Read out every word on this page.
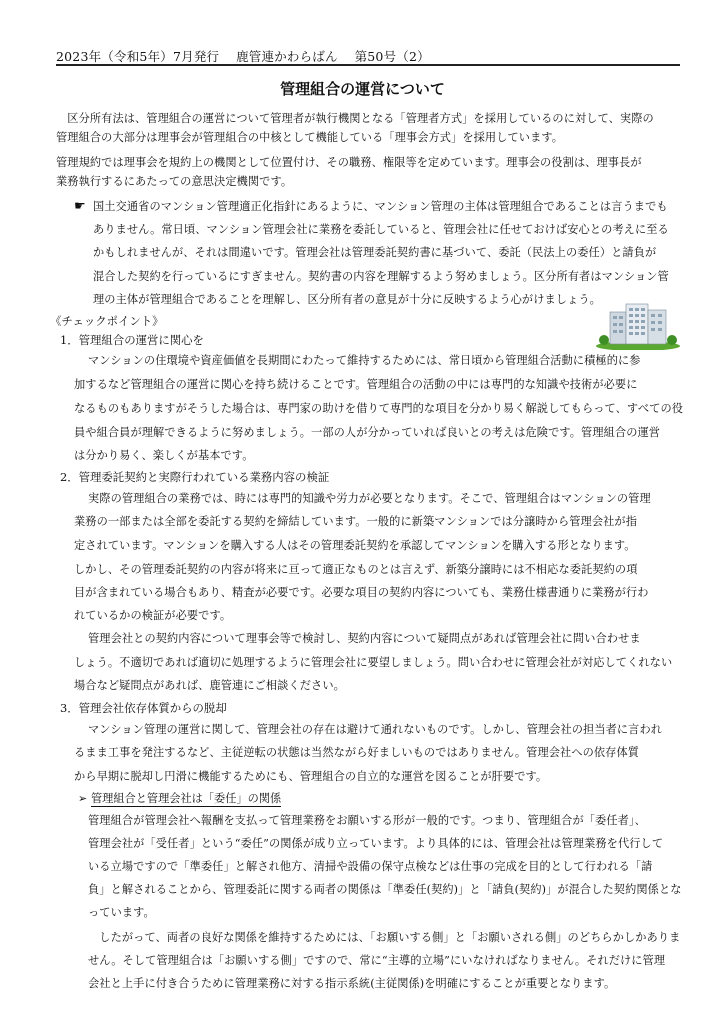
2023年（令和5年）7月発行　 鹿管連かわらばん　 第50号（2）
管理組合の運営について
　区分所有法は、管理組合の運営について管理者が執行機関となる「管理者方式」を採用しているのに対して、実際の
管理組合の大部分は理事会が管理組合の中核として機能している「理事会方式」を採用しています。
管理規約では理事会を規約上の機関として位置付け、その職務、権限等を定めています。理事会の役割は、理事長が
業務執行するにあたっての意思決定機関です。
☛ 国土交通省のマンション管理適正化指針にあるように、マンション管理の主体は管理組合であることは言うまでも
ありません。常日頃、マンション管理会社に業務を委託していると、管理会社に任せておけば安心との考えに至る
かもしれませんが、それは間違いです。管理会社は管理委託契約書に基づいて、委託（民法上の委任）と請負が
混合した契約を行っているにすぎません。契約書の内容を理解するよう努めましょう。区分所有者はマンション管
理の主体が管理組合であることを理解し、区分所有者の意見が十分に反映するよう心がけましょう。
《チェックポイント》
1．管理組合の運営に関心を
マンションの住環境や資産価値を長期間にわたって維持するためには、常日頃から管理組合活動に積極的に参
加するなど管理組合の運営に関心を持ち続けることです。管理組合の活動の中には専門的な知識や技術が必要に
なるものもありますがそうした場合は、専門家の助けを借りて専門的な項目を分かり易く解説してもらって、すべての役
員や組合員が理解できるように努めましょう。一部の人が分かっていれば良いとの考えは危険です。管理組合の運営
は分かり易く、楽しくが基本です。
2．管理委託契約と実際行われている業務内容の検証
実際の管理組合の業務では、時には専門的知識や労力が必要となります。そこで、管理組合はマンションの管理
業務の一部または全部を委託する契約を締結しています。一般的に新築マンションでは分譲時から管理会社が指
定されています。マンションを購入する人はその管理委託契約を承認してマンションを購入する形となります。
しかし、その管理委託契約の内容が将来に亘って適正なものとは言えず、新築分譲時には不相応な委託契約の項
目が含まれている場合もあり、精査が必要です。必要な項目の契約内容についても、業務仕様書通りに業務が行わ
れているかの検証が必要です。
管理会社との契約内容について理事会等で検討し、契約内容について疑問点があれば管理会社に問い合わせま
しょう。不適切であれば適切に処理するように管理会社に要望しましょう。問い合わせに管理会社が対応してくれない
場合など疑問点があれば、鹿管連にご相談ください。
3．管理会社依存体質からの脱却
マンション管理の運営に関して、管理会社の存在は避けて通れないものです。しかし、管理会社の担当者に言われ
るまま工事を発注するなど、主従逆転の状態は当然ながら好ましいものではありません。管理会社への依存体質
から早期に脱却し円滑に機能するためにも、管理組合の自立的な運営を図ることが肝要です。
➢ 管理組合と管理会社は「委任」の関係
管理組合が管理会社へ報酬を支払って管理業務をお願いする形が一般的です。つまり、管理組合が「委任者」、
管理会社が「受任者」という“委任”の関係が成り立っています。より具体的には、管理会社は管理業務を代行して
いる立場ですので「準委任」と解され他方、清掃や設備の保守点検などは仕事の完成を目的として行われる「請
負」と解されることから、管理委託に関する両者の関係は「準委任(契約)」と「請負(契約)」が混合した契約関係とな
っています。
　したがって、両者の良好な関係を維持するためには、「お願いする側」と「お願いされる側」のどちらかしかありま
せん。そして管理組合は「お願いする側」ですので、常に“主導的立場”にいなければなりません。それだけに管理
会社と上手に付き合うために管理業務に対する指示系統(主従関係)を明確にすることが重要となります。
